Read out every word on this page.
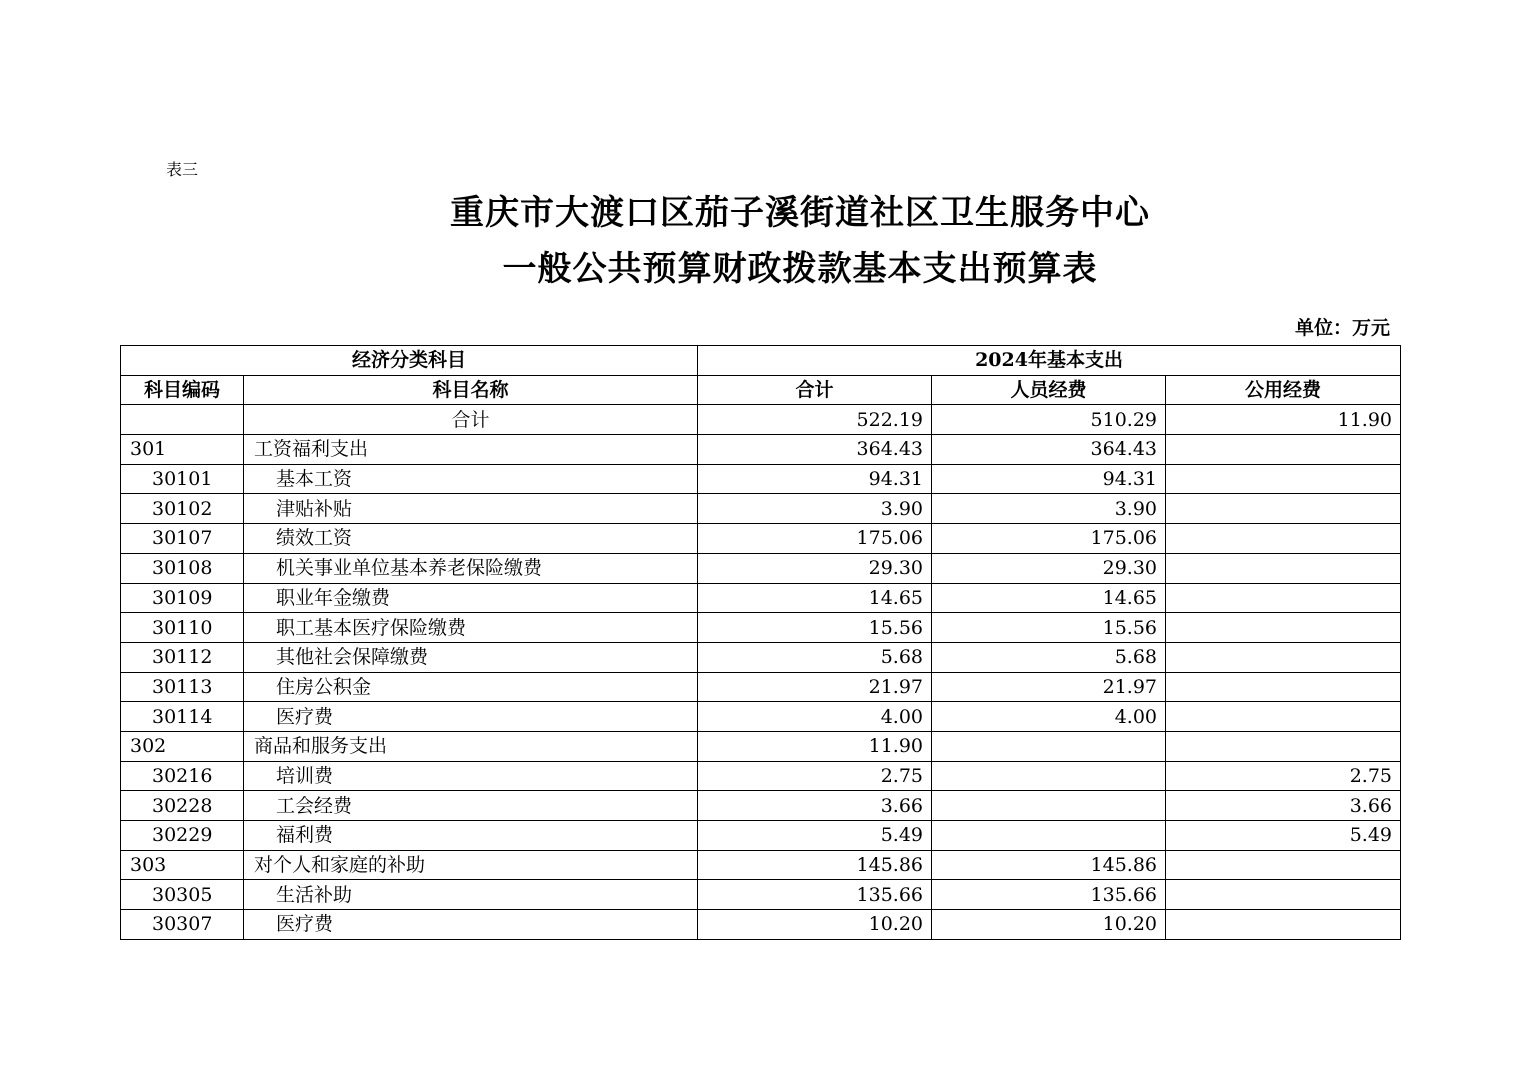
表三
重庆市大渡口区茄子溪街道社区卫生服务中心
一般公共预算财政拨款基本支出预算表
单位：万元
经济分类科目		2024年基本支出		
科目编码	科目名称	合计	人员经费	公用经费
	合计	522.19	510.29	11.90
301	工资福利支出	364.43	364.43	
30101	基本工资	94.31	94.31	
30102	津贴补贴	3.90	3.90	
30107	绩效工资	175.06	175.06	
30108	机关事业单位基本养老保险缴费	29.30	29.30	
30109	职业年金缴费	14.65	14.65	
30110	职工基本医疗保险缴费	15.56	15.56	
30112	其他社会保障缴费	5.68	5.68	
30113	住房公积金	21.97	21.97	
30114	医疗费	4.00	4.00	
302	商品和服务支出	11.90		
30216	培训费	2.75		2.75
30228	工会经费	3.66		3.66
30229	福利费	5.49		5.49
303	对个人和家庭的补助	145.86	145.86	
30305	生活补助	135.66	135.66	
30307	医疗费	10.20	10.20	
